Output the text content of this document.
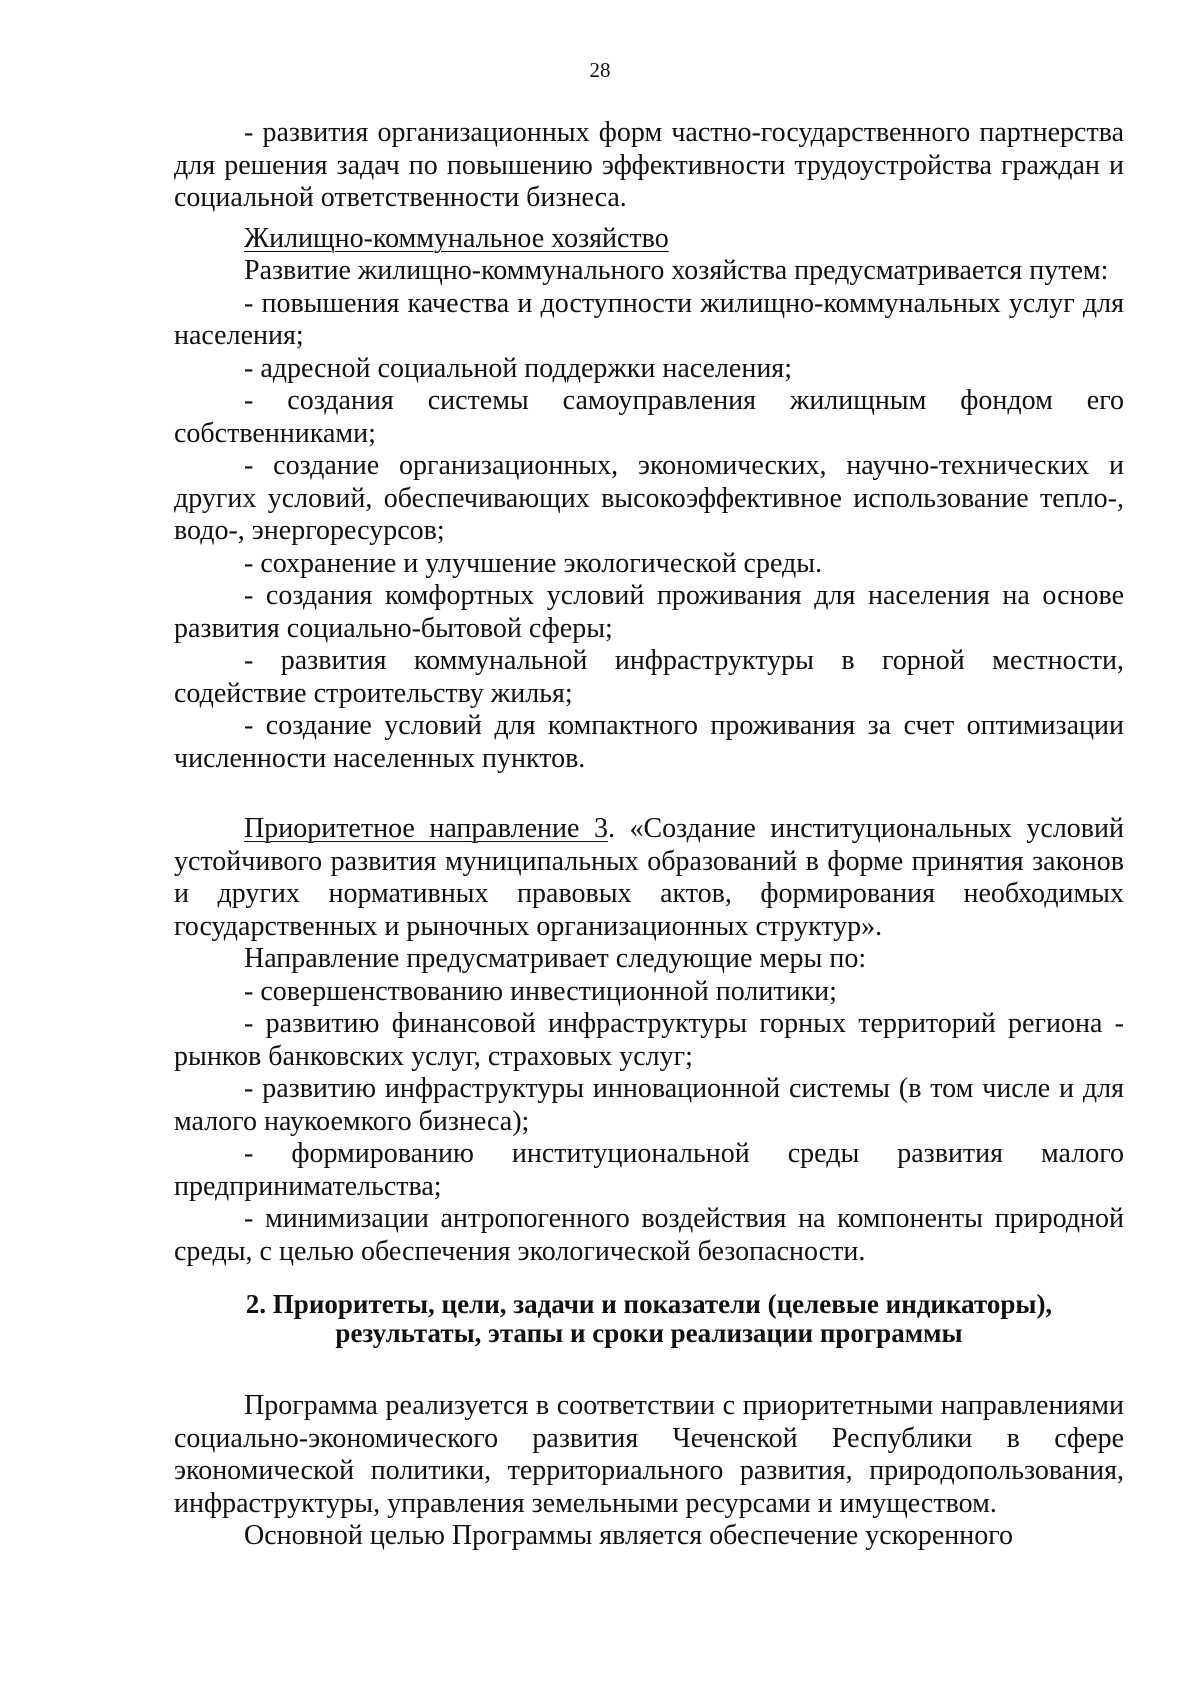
28

- развития организационных форм частно-государственного партнерства для решения задач по повышению эффективности трудоустройства граждан и социальной ответственности бизнеса.

Жилищно-коммунальное хозяйство

Развитие жилищно-коммунального хозяйства предусматривается путем:

- повышения качества и доступности жилищно-коммунальных услуг для населения;

- адресной социальной поддержки населения;

- создания системы самоуправления жилищным фондом его собственниками;

- создание организационных, экономических, научно-технических и других условий, обеспечивающих высокоэффективное использование тепло-, водо-, энергоресурсов;

- сохранение и улучшение экологической среды.

- создания комфортных условий проживания для населения на основе развития социально-бытовой сферы;

- развития коммунальной инфраструктуры в горной местности, содействие строительству жилья;

- создание условий для компактного проживания за счет оптимизации численности населенных пунктов.

Приоритетное направление 3. «Создание институциональных условий устойчивого развития муниципальных образований в форме принятия законов и других нормативных правовых актов, формирования необходимых государственных и рыночных организационных структур».

Направление предусматривает следующие меры по:

- совершенствованию инвестиционной политики;

- развитию финансовой инфраструктуры горных территорий региона - рынков банковских услуг, страховых услуг;

- развитию инфраструктуры инновационной системы (в том числе и для малого наукоемкого бизнеса);

- формированию институциональной среды развития малого предпринимательства;

- минимизации антропогенного воздействия на компоненты природной среды, с целью обеспечения экологической безопасности.

2. Приоритеты, цели, задачи и показатели (целевые индикаторы),
результаты, этапы и сроки реализации программы

Программа реализуется в соответствии с приоритетными направлениями социально-экономического развития Чеченской Республики в сфере экономической политики, территориального развития, природопользования, инфраструктуры, управления земельными ресурсами и имуществом.

Основной целью Программы является обеспечение ускоренного
